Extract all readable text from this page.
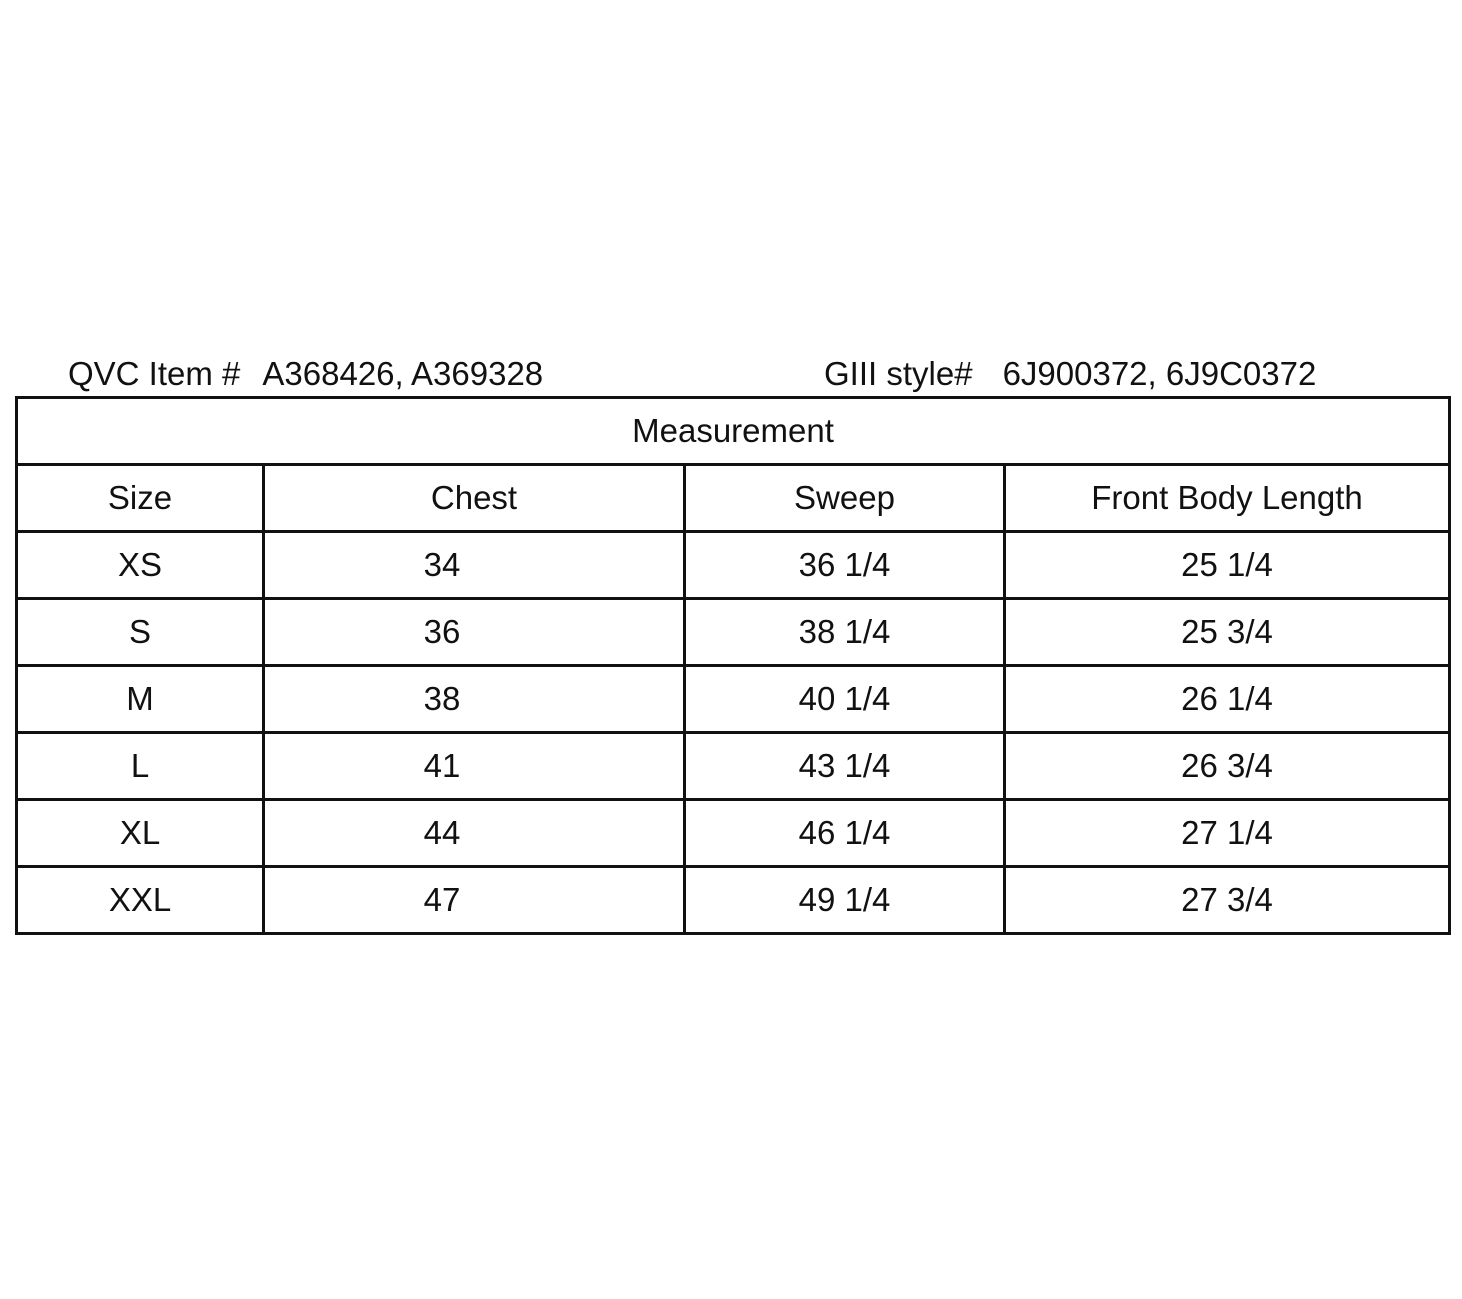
QVC Item # A368426, A369328	GIII style# 6J900372, 6J9C0372
Measurement			
Size	Chest	Sweep	Front Body Length
XS	34	36 1/4	25 1/4
S	36	38 1/4	25 3/4
M	38	40 1/4	26 1/4
L	41	43 1/4	26 3/4
XL	44	46 1/4	27 1/4
XXL	47	49 1/4	27 3/4
